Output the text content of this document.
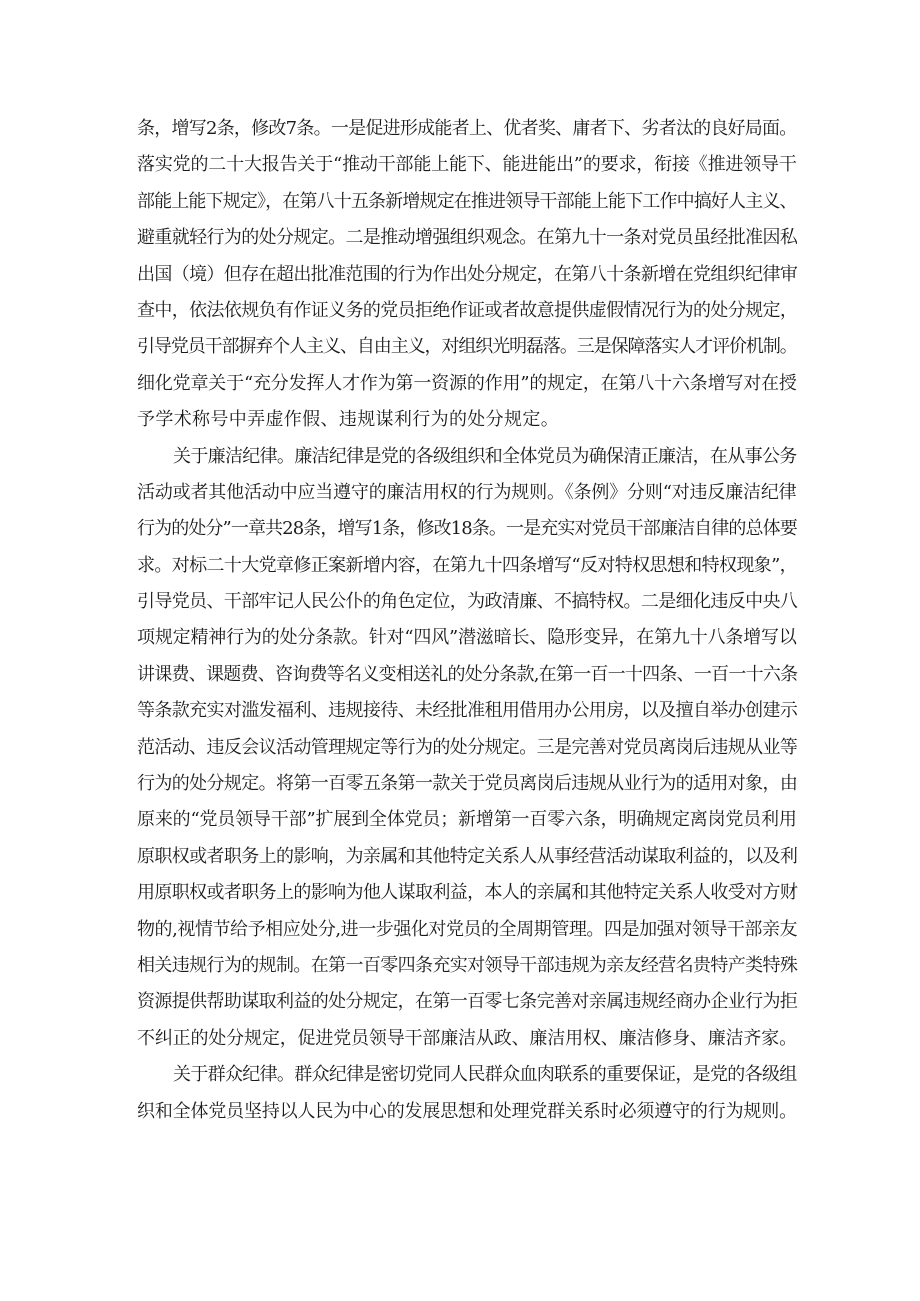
条，增写2条，修改7条。一是促进形成能者上、优者奖、庸者下、劣者汰的良好局面。
落实党的二十大报告关于“推动干部能上能下、能进能出”的要求，衔接《推进领导干
部能上能下规定》，在第八十五条新增规定在推进领导干部能上能下工作中搞好人主义、
避重就轻行为的处分规定。二是推动增强组织观念。在第九十一条对党员虽经批准因私
出国（境）但存在超出批准范围的行为作出处分规定，在第八十条新增在党组织纪律审
查中，依法依规负有作证义务的党员拒绝作证或者故意提供虚假情况行为的处分规定，
引导党员干部摒弃个人主义、自由主义，对组织光明磊落。三是保障落实人才评价机制。
细化党章关于“充分发挥人才作为第一资源的作用”的规定，在第八十六条增写对在授
予学术称号中弄虚作假、违规谋利行为的处分规定。
关于廉洁纪律。廉洁纪律是党的各级组织和全体党员为确保清正廉洁，在从事公务
活动或者其他活动中应当遵守的廉洁用权的行为规则。《条例》分则“对违反廉洁纪律
行为的处分”一章共28条，增写1条，修改18条。一是充实对党员干部廉洁自律的总体要
求。对标二十大党章修正案新增内容，在第九十四条增写“反对特权思想和特权现象”，
引导党员、干部牢记人民公仆的角色定位，为政清廉、不搞特权。二是细化违反中央八
项规定精神行为的处分条款。针对“四风”潜滋暗长、隐形变异，在第九十八条增写以
讲课费、课题费、咨询费等名义变相送礼的处分条款,在第一百一十四条、一百一十六条
等条款充实对滥发福利、违规接待、未经批准租用借用办公用房，以及擅自举办创建示
范活动、违反会议活动管理规定等行为的处分规定。三是完善对党员离岗后违规从业等
行为的处分规定。将第一百零五条第一款关于党员离岗后违规从业行为的适用对象，由
原来的“党员领导干部”扩展到全体党员；新增第一百零六条，明确规定离岗党员利用
原职权或者职务上的影响，为亲属和其他特定关系人从事经营活动谋取利益的，以及利
用原职权或者职务上的影响为他人谋取利益，本人的亲属和其他特定关系人收受对方财
物的,视情节给予相应处分,进一步强化对党员的全周期管理。四是加强对领导干部亲友
相关违规行为的规制。在第一百零四条充实对领导干部违规为亲友经营名贵特产类特殊
资源提供帮助谋取利益的处分规定，在第一百零七条完善对亲属违规经商办企业行为拒
不纠正的处分规定，促进党员领导干部廉洁从政、廉洁用权、廉洁修身、廉洁齐家。
关于群众纪律。群众纪律是密切党同人民群众血肉联系的重要保证，是党的各级组
织和全体党员坚持以人民为中心的发展思想和处理党群关系时必须遵守的行为规则。
